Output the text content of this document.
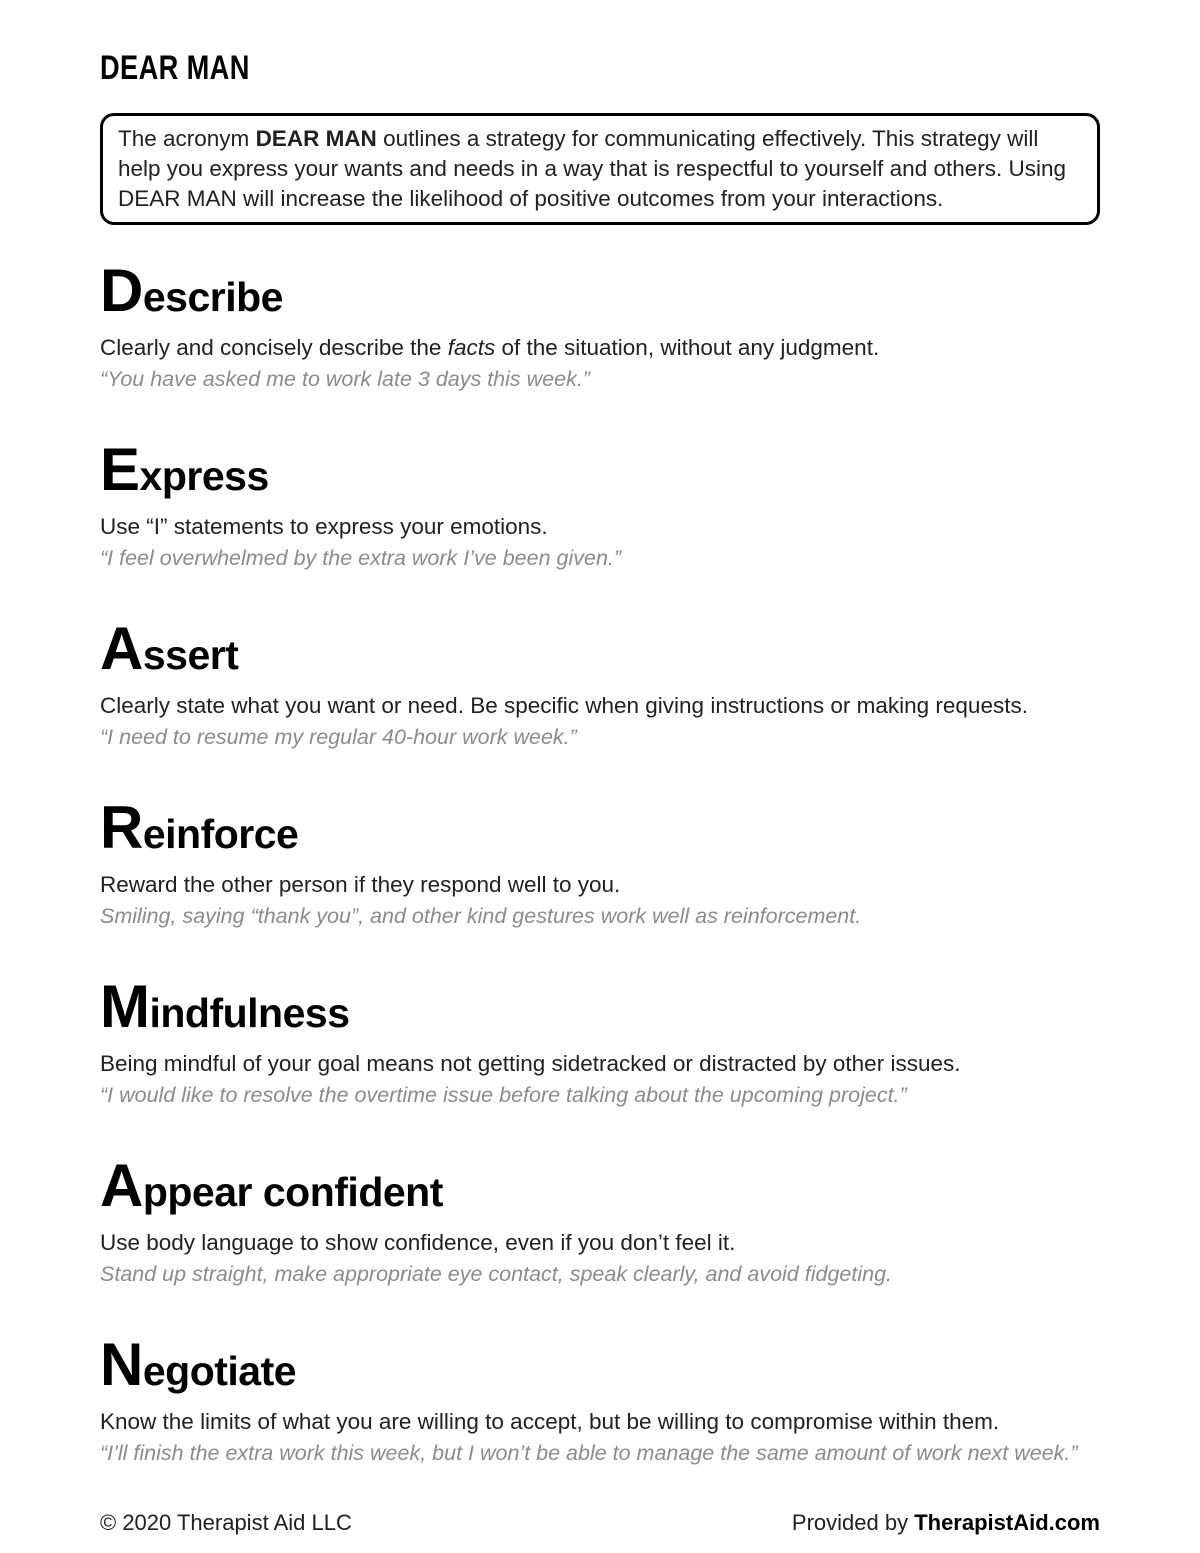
DEAR MAN

The acronym DEAR MAN outlines a strategy for communicating effectively. This strategy will help you express your wants and needs in a way that is respectful to yourself and others. Using DEAR MAN will increase the likelihood of positive outcomes from your interactions.

Describe

Clearly and concisely describe the facts of the situation, without any judgment.

“You have asked me to work late 3 days this week.”

Express

Use “I” statements to express your emotions.

“I feel overwhelmed by the extra work I’ve been given.”

Assert

Clearly state what you want or need. Be specific when giving instructions or making requests.

“I need to resume my regular 40-hour work week.”

Reinforce

Reward the other person if they respond well to you.

Smiling, saying “thank you”, and other kind gestures work well as reinforcement.

Mindfulness

Being mindful of your goal means not getting sidetracked or distracted by other issues.

“I would like to resolve the overtime issue before talking about the upcoming project.”

Appear confident

Use body language to show confidence, even if you don’t feel it.

Stand up straight, make appropriate eye contact, speak clearly, and avoid fidgeting.

Negotiate

Know the limits of what you are willing to accept, but be willing to compromise within them.

“I’ll finish the extra work this week, but I won’t be able to manage the same amount of work next week.”

© 2020 Therapist Aid LLC	Provided by TherapistAid.com
